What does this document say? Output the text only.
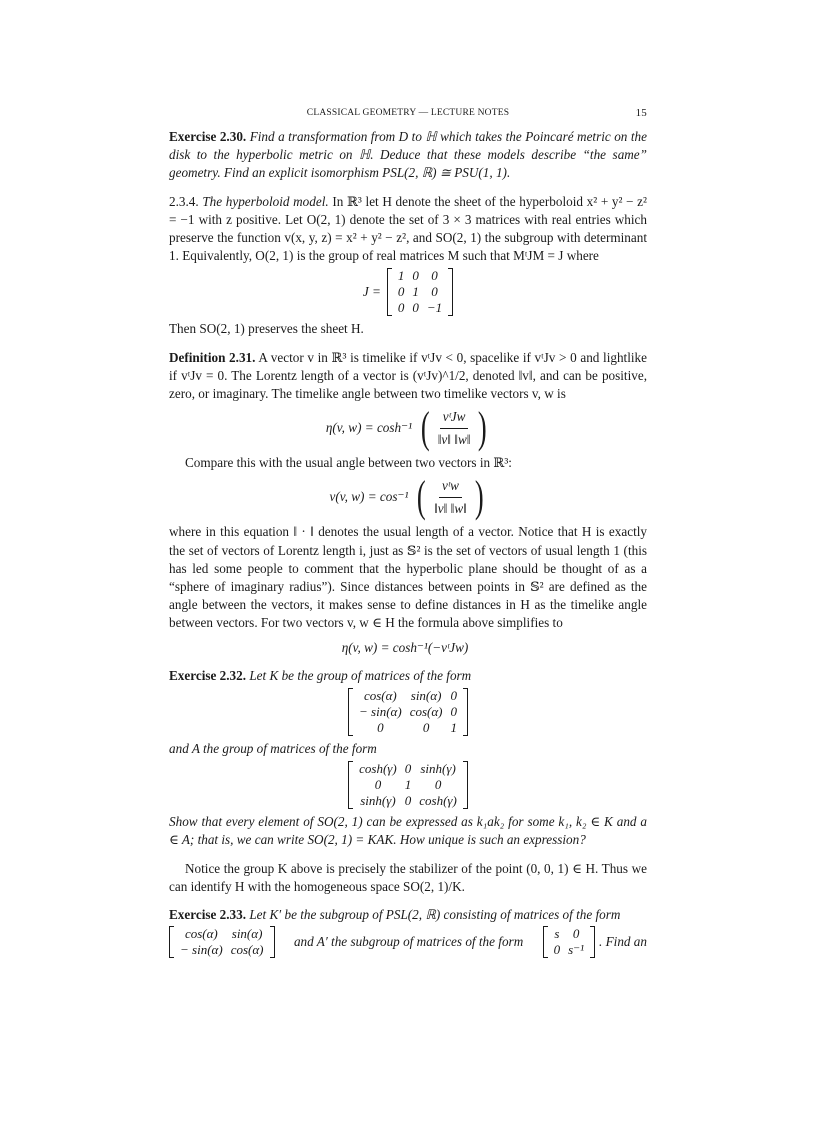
CLASSICAL GEOMETRY — LECTURE NOTES	15

Exercise 2.30. Find a transformation from D to ℍ which takes the Poincaré metric on the disk to the hyperbolic metric on ℍ. Deduce that these models describe “the same” geometry. Find an explicit isomorphism PSL(2, ℝ) ≅ PSU(1, 1).

2.3.4. The hyperboloid model. In ℝ³ let H denote the sheet of the hyperboloid x² + y² − z² = −1 with z positive. Let O(2, 1) denote the set of 3 × 3 matrices with real entries which preserve the function v(x, y, z) = x² + y² − z², and SO(2, 1) the subgroup with determinant 1. Equivalently, O(2, 1) is the group of real matrices M such that MᵗJM = J where

J =
1	0	0
0	1	0
0	0	−1

Then SO(2, 1) preserves the sheet H.

Definition 2.31. A vector v in ℝ³ is timelike if vᵗJv < 0, spacelike if vᵗJv > 0 and lightlike if vᵗJv = 0. The Lorentz length of a vector is (vᵗJv)^1/2, denoted ‖v‖, and can be positive, zero, or imaginary. The timelike angle between two timelike vectors v, w is

η(v, w) = cosh⁻¹ ( $\frac{\text{vᵗJw}}{‖v‖ ‖w‖}$ )

Compare this with the usual angle between two vectors in ℝ³:

ν(v, w) = cos⁻¹ ( $\frac{\text{vᵗw}}{‖v‖ ‖w‖}$ )

where in this equation ‖ · ‖ denotes the usual length of a vector. Notice that H is exactly the set of vectors of Lorentz length i, just as 𝕊² is the set of vectors of usual length 1 (this has led some people to comment that the hyperbolic plane should be thought of as a “sphere of imaginary radius”). Since distances between points in 𝕊² are defined as the angle between the vectors, it makes sense to define distances in H as the timelike angle between vectors. For two vectors v, w ∈ H the formula above simplifies to

η(v, w) = cosh⁻¹(−vᵗJw)

Exercise 2.32. Let K be the group of matrices of the form

cos(α)	sin(α)	0
− sin(α)	cos(α)	0
0	0	1

and A the group of matrices of the form

cosh(γ)	0	sinh(γ)
0	1	0
sinh(γ)	0	cosh(γ)

Show that every element of SO(2, 1) can be expressed as k₁ak₂ for some k₁, k₂ ∈ K and a ∈ A; that is, we can write SO(2, 1) = KAK. How unique is such an expression?

Notice the group K above is precisely the stabilizer of the point (0, 0, 1) ∈ H. Thus we can identify H with the homogeneous space SO(2, 1)/K.

Exercise 2.33. Let K′ be the subgroup of PSL(2, ℝ) consisting of matrices of the form

cos(α)	sin(α)
− sin(α)	cos(α)
and A′ the subgroup of matrices of the form
s	0
0	s⁻¹
. Find an
